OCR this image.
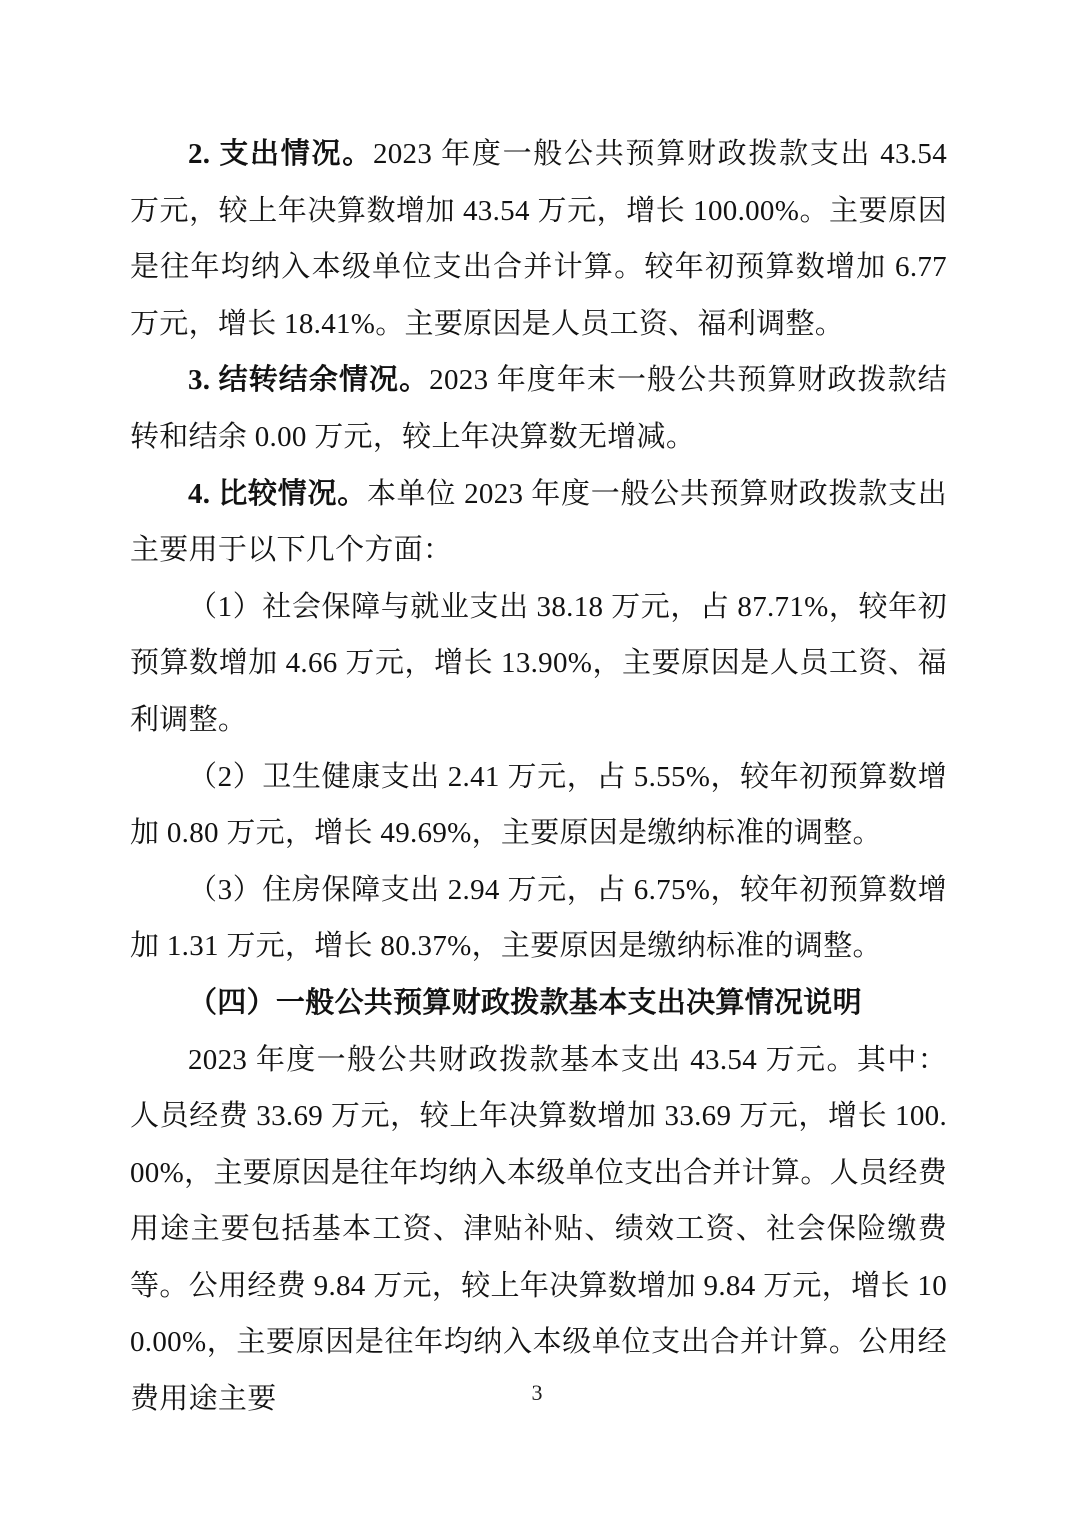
2. 支出情况。2023 年度一般公共预算财政拨款支出 43.54 万元，较上年决算数增加 43.54 万元，增长 100.00%。主要原因是往年均纳入本级单位支出合并计算。较年初预算数增加 6.77 万元，增长 18.41%。主要原因是人员工资、福利调整。

3. 结转结余情况。2023 年度年末一般公共预算财政拨款结转和结余 0.00 万元，较上年决算数无增减。

4. 比较情况。本单位 2023 年度一般公共预算财政拨款支出主要用于以下几个方面：

（1）社会保障与就业支出 38.18 万元，占 87.71%，较年初预算数增加 4.66 万元，增长 13.90%，主要原因是人员工资、福利调整。

（2）卫生健康支出 2.41 万元，占 5.55%，较年初预算数增加 0.80 万元，增长 49.69%，主要原因是缴纳标准的调整。

（3）住房保障支出 2.94 万元，占 6.75%，较年初预算数增加 1.31 万元，增长 80.37%，主要原因是缴纳标准的调整。

（四）一般公共预算财政拨款基本支出决算情况说明

2023 年度一般公共财政拨款基本支出 43.54 万元。其中：人员经费 33.69 万元，较上年决算数增加 33.69 万元，增长 100.00%，主要原因是往年均纳入本级单位支出合并计算。人员经费用途主要包括基本工资、津贴补贴、绩效工资、社会保险缴费等。公用经费 9.84 万元，较上年决算数增加 9.84 万元，增长 100.00%，主要原因是往年均纳入本级单位支出合并计算。公用经费用途主要	3
